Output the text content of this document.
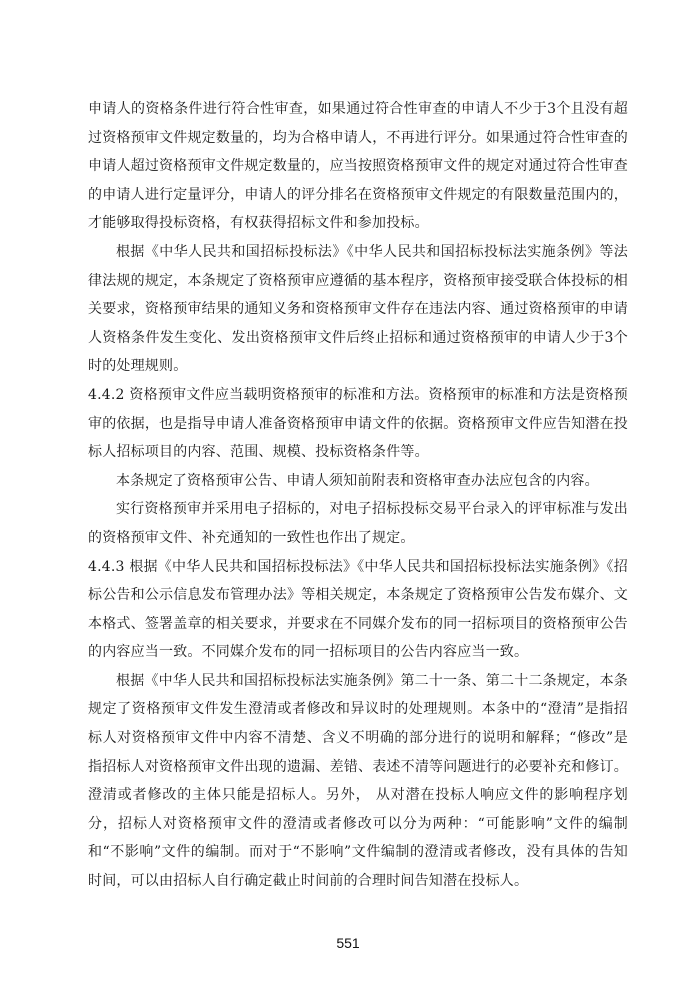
申请人的资格条件进行符合性审查，如果通过符合性审查的申请人不少于3个且没有超过资格预审文件规定数量的，均为合格申请人，不再进行评分。如果通过符合性审查的申请人超过资格预审文件规定数量的，应当按照资格预审文件的规定对通过符合性审查的申请人进行定量评分，申请人的评分排名在资格预审文件规定的有限数量范围内的，才能够取得投标资格，有权获得招标文件和参加投标。

根据《中华人民共和国招标投标法》《中华人民共和国招标投标法实施条例》等法律法规的规定，本条规定了资格预审应遵循的基本程序，资格预审接受联合体投标的相关要求，资格预审结果的通知义务和资格预审文件存在违法内容、通过资格预审的申请人资格条件发生变化、发出资格预审文件后终止招标和通过资格预审的申请人少于3个时的处理规则。

4.4.2 资格预审文件应当载明资格预审的标准和方法。资格预审的标准和方法是资格预审的依据，也是指导申请人准备资格预审申请文件的依据。资格预审文件应告知潜在投标人招标项目的内容、范围、规模、投标资格条件等。

本条规定了资格预审公告、申请人须知前附表和资格审查办法应包含的内容。

实行资格预审并采用电子招标的，对电子招标投标交易平台录入的评审标准与发出的资格预审文件、补充通知的一致性也作出了规定。

4.4.3 根据《中华人民共和国招标投标法》《中华人民共和国招标投标法实施条例》《招标公告和公示信息发布管理办法》等相关规定，本条规定了资格预审公告发布媒介、文本格式、签署盖章的相关要求，并要求在不同媒介发布的同一招标项目的资格预审公告的内容应当一致。不同媒介发布的同一招标项目的公告内容应当一致。

根据《中华人民共和国招标投标法实施条例》第二十一条、第二十二条规定，本条规定了资格预审文件发生澄清或者修改和异议时的处理规则。本条中的“澄清”是指招标人对资格预审文件中内容不清楚、含义不明确的部分进行的说明和解释；“修改”是指招标人对资格预审文件出现的遗漏、差错、表述不清等问题进行的必要补充和修订。澄清或者修改的主体只能是招标人。另外， 从对潜在投标人响应文件的影响程序划分，招标人对资格预审文件的澄清或者修改可以分为两种：“可能影响”文件的编制和“不影响”文件的编制。而对于“不影响”文件编制的澄清或者修改，没有具体的告知时间，可以由招标人自行确定截止时间前的合理时间告知潜在投标人。

551
